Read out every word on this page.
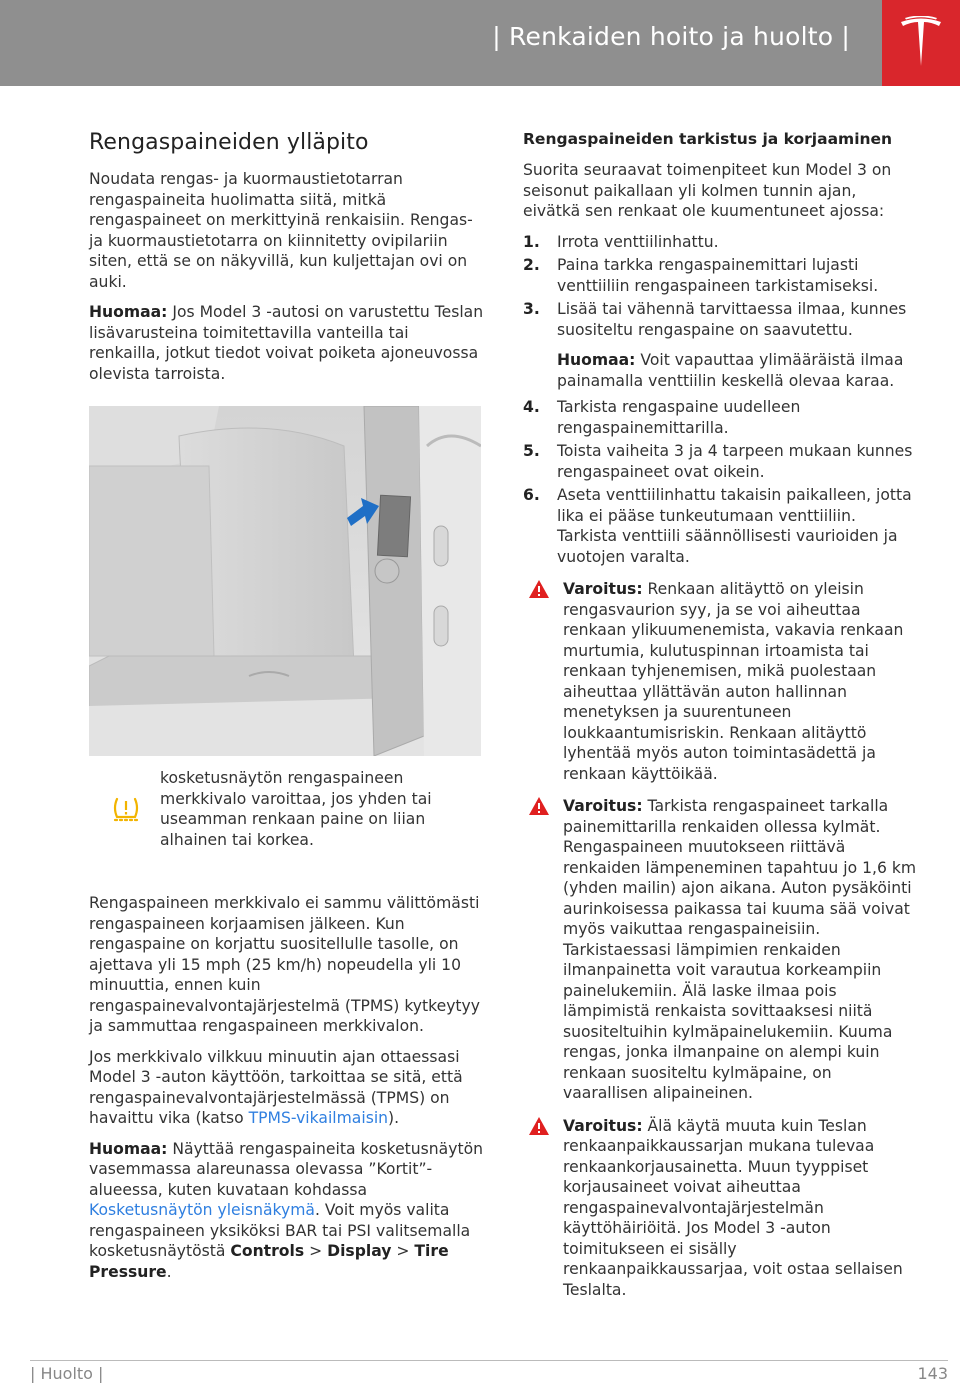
| Renkaiden hoito ja huolto |
Rengaspaineiden ylläpito

Noudata rengas- ja kuormaustietotarran rengaspaineita huolimatta siitä, mitkä rengaspaineet on merkittyinä renkaisiin. Rengas- ja kuormaustietotarra on kiinnitetty ovipilariin siten, että se on näkyvillä, kun kuljettajan ovi on auki.

Huomaa: Jos Model 3 -autosi on varustettu Teslan lisävarusteina toimitettavilla vanteilla tai renkailla, jotkut tiedot voivat poiketa ajoneuvossa olevista tarroista.

kosketusnäytön rengaspaineen merkkivalo varoittaa, jos yhden tai useamman renkaan paine on liian alhainen tai korkea.

Rengaspaineen merkkivalo ei sammu välittömästi rengaspaineen korjaamisen jälkeen. Kun rengaspaine on korjattu suositellulle tasolle, on ajettava yli 15 mph (25 km/h) nopeudella yli 10 minuuttia, ennen kuin rengaspainevalvontajärjestelmä (TPMS) kytkeytyy ja sammuttaa rengaspaineen merkkivalon.

Jos merkkivalo vilkkuu minuutin ajan ottaessasi Model 3 -auton käyttöön, tarkoittaa se sitä, että rengaspainevalvontajärjestelmässä (TPMS) on havaittu vika (katso TPMS-vikailmaisin).

Huomaa: Näyttää rengaspaineita kosketusnäytön vasemmassa alareunassa olevassa ”Kortit”-alueessa, kuten kuvataan kohdassa Kosketusnäytön yleisnäkymä. Voit myös valita rengaspaineen yksiköksi BAR tai PSI valitsemalla kosketusnäytöstä Controls > Display > Tire Pressure.

Rengaspaineiden tarkistus ja korjaaminen

Suorita seuraavat toimenpiteet kun Model 3 on seisonut paikallaan yli kolmen tunnin ajan, eivätkä sen renkaat ole kuumentuneet ajossa:

1. Irrota venttiilinhattu.
2. Paina tarkka rengaspainemittari lujasti venttiiliin rengaspaineen tarkistamiseksi.
3. Lisää tai vähennä tarvittaessa ilmaa, kunnes suositeltu rengaspaine on saavutettu.
Huomaa: Voit vapauttaa ylimääräistä ilmaa painamalla venttiilin keskellä olevaa karaa.
4. Tarkista rengaspaine uudelleen rengaspainemittarilla.
5. Toista vaiheita 3 ja 4 tarpeen mukaan kunnes rengaspaineet ovat oikein.
6. Aseta venttiilinhattu takaisin paikalleen, jotta lika ei pääse tunkeutumaan venttiiliin. Tarkista venttiili säännöllisesti vaurioiden ja vuotojen varalta.

Varoitus: Renkaan alitäyttö on yleisin rengasvaurion syy, ja se voi aiheuttaa renkaan ylikuumenemista, vakavia renkaan murtumia, kulutuspinnan irtoamista tai renkaan tyhjenemisen, mikä puolestaan aiheuttaa yllättävän auton hallinnan menetyksen ja suurentuneen loukkaantumisriskin. Renkaan alitäyttö lyhentää myös auton toimintasädettä ja renkaan käyttöikää.

Varoitus: Tarkista rengaspaineet tarkalla painemittarilla renkaiden ollessa kylmät. Rengaspaineen muutokseen riittävä renkaiden lämpeneminen tapahtuu jo 1,6 km (yhden mailin) ajon aikana. Auton pysäköinti aurinkoisessa paikassa tai kuuma sää voivat myös vaikuttaa rengaspaineisiin. Tarkistaessasi lämpimien renkaiden ilmanpainetta voit varautua korkeampiin painelukemiin. Älä laske ilmaa pois lämpimistä renkaista sovittaaksesi niitä suositeltuihin kylmäpainelukemiin. Kuuma rengas, jonka ilmanpaine on alempi kuin renkaan suositeltu kylmäpaine, on vaarallisen alipaineinen.

Varoitus: Älä käytä muuta kuin Teslan renkaanpaikkaussarjan mukana tulevaa renkaankorjausainetta. Muun tyyppiset korjausaineet voivat aiheuttaa rengaspainevalvontajärjestelmän käyttöhäiriöitä. Jos Model 3 -auton toimitukseen ei sisälly renkaanpaikkaussarjaa, voit ostaa sellaisen Teslalta.

| Huolto |	143
